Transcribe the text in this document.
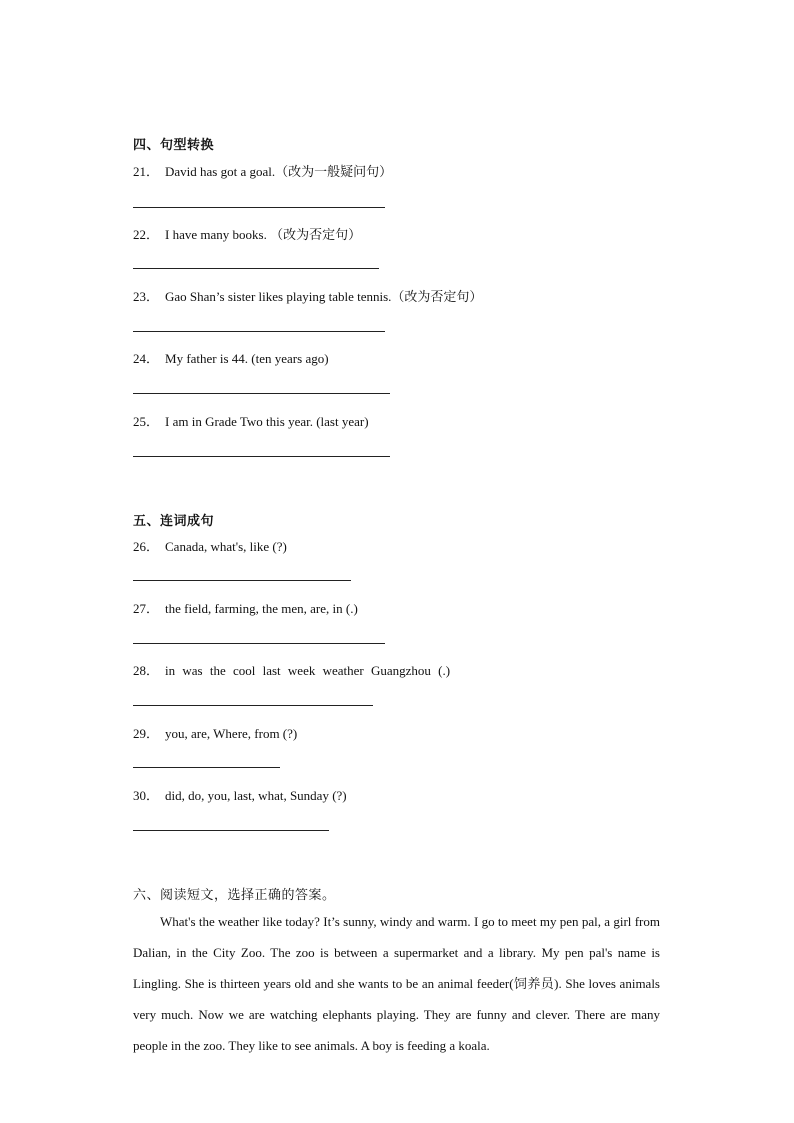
四、句型转换
21． David has got a goal.（改为一般疑问句）
22． I have many books. （改为否定句）
23． Gao Shan’s sister likes playing table tennis.（改为否定句）
24． My father is 44. (ten years ago)
25． I am in Grade Two this year. (last year)
五、连词成句
26． Canada, what's, like (?)
27． the field, farming, the men, are, in (.)
28． in was the cool last week weather Guangzhou (.)
29． you, are, Where, from (?)
30． did, do, you, last, what, Sunday (?)
六、阅读短文，选择正确的答案。

What's the weather like today? It’s sunny, windy and warm. I go to meet my pen pal, a girl from Dalian, in the City Zoo. The zoo is between a supermarket and a library. My pen pal's name is Lingling. She is thirteen years old and she wants to be an animal feeder(饲养员). She loves animals very much. Now we are watching elephants playing. They are funny and clever. There are many people in the zoo. They like to see animals. A boy is feeding a koala.
